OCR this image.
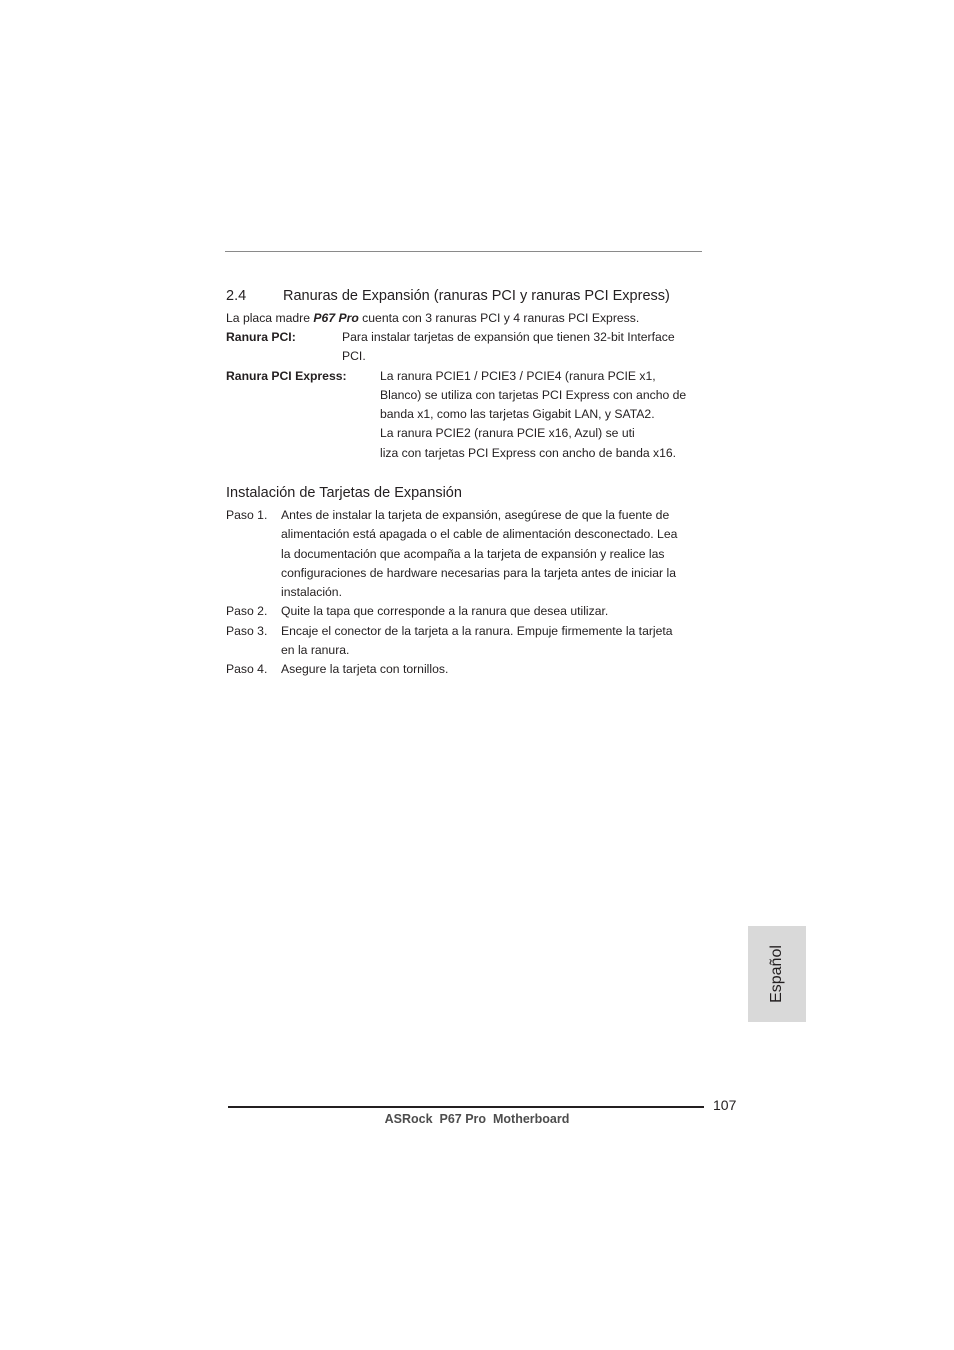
2.4	Ranuras de Expansión (ranuras PCI y ranuras PCI Express)
La placa madre P67 Pro cuenta con 3 ranuras PCI y 4 ranuras PCI Express.
Ranura PCI:	Para instalar tarjetas de expansión que tienen 32-bit Interface
PCI.
Ranura PCI Express:	La ranura PCIE1 / PCIE3 / PCIE4 (ranura PCIE x1,
Blanco) se utiliza con tarjetas PCI Express con ancho de
banda x1, como las tarjetas Gigabit LAN, y SATA2.
La ranura PCIE2 (ranura PCIE x16, Azul) se uti
liza con tarjetas PCI Express con ancho de banda x16.
Instalación de Tarjetas de Expansión
Paso 1. Antes de instalar la tarjeta de expansión, asegúrese de que la fuente de
alimentación está apagada o el cable de alimentación desconectado. Lea
la documentación que acompaña a la tarjeta de expansión y realice las
configuraciones de hardware necesarias para la tarjeta antes de iniciar la
instalación.
Paso 2. Quite la tapa que corresponde a la ranura que desea utilizar.
Paso 3. Encaje el conector de la tarjeta a la ranura. Empuje firmemente la tarjeta
en la ranura.
Paso 4. Asegure la tarjeta con tornillos.
Español
107
ASRock  P67 Pro  Motherboard
